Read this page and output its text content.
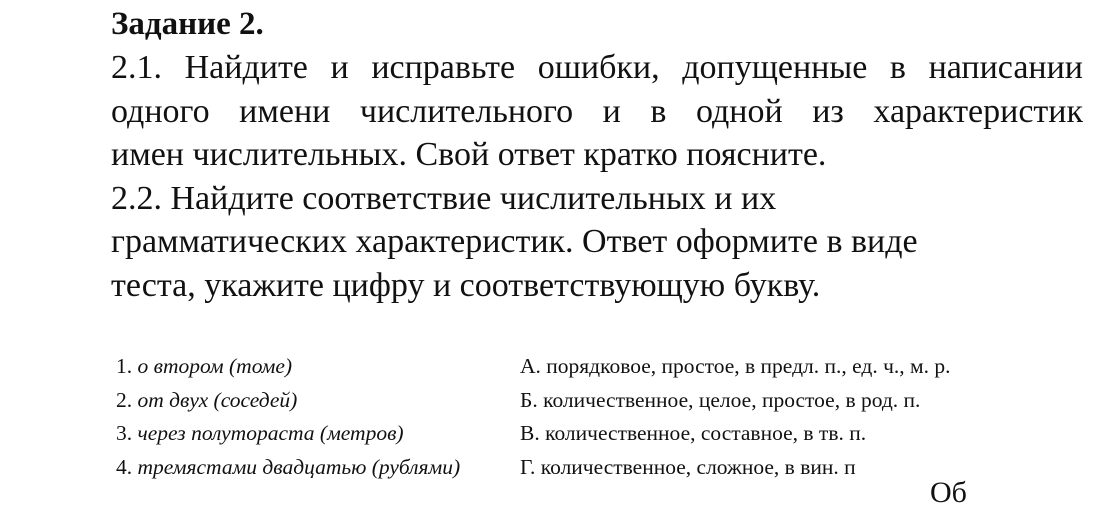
Задание 2.
2.1. Найдите и исправьте ошибки, допущенные в написании
одного имени числительного и в одной из характеристик
имен числительных. Свой ответ кратко поясните.
2.2. Найдите соответствие числительных и их
грамматических характеристик. Ответ оформите в виде
теста, укажите цифру и соответствующую букву.
1. о втором (томе)	А. порядковое, простое, в предл. п., ед. ч., м. р.
2. от двух (соседей)	Б. количественное, целое, простое, в род. п.
3. через полутораста (метров)	В. количественное, составное, в тв. п.
4. тремястами двадцатью (рублями)	Г. количественное, сложное, в вин. п
Об
